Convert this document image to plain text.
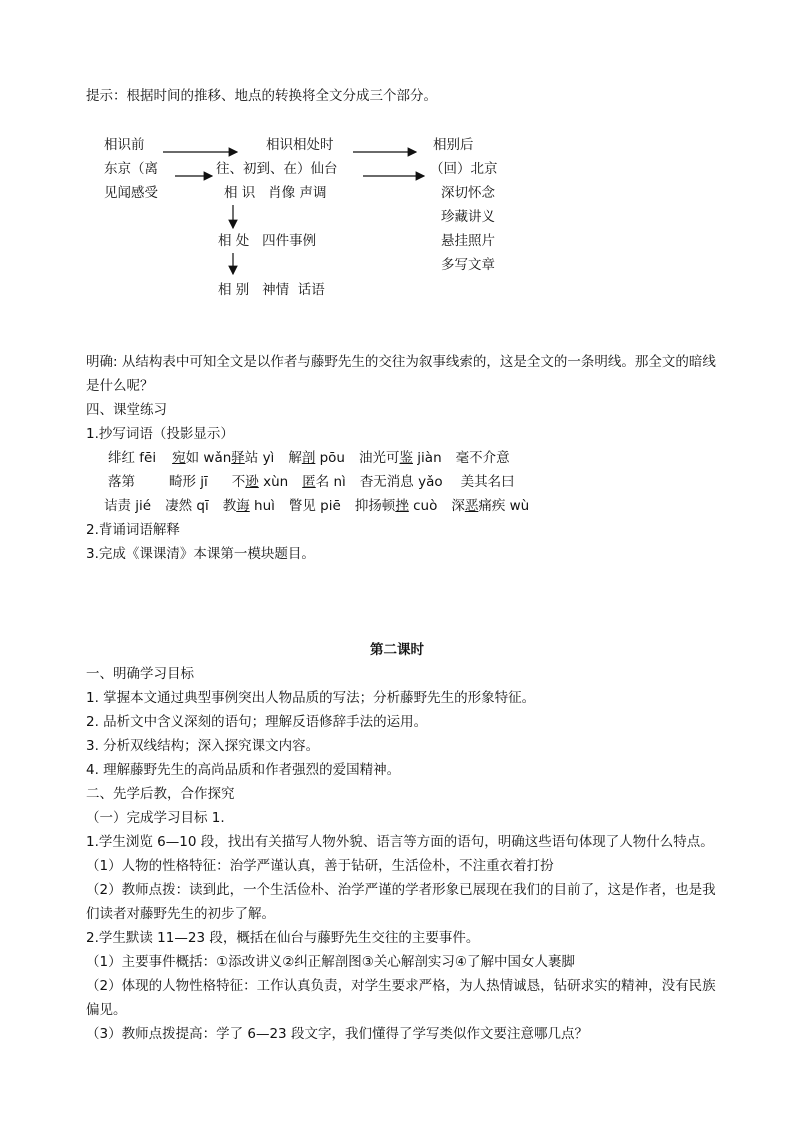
提示：根据时间的推移、地点的转换将全文分成三个部分。
相识前
东京（离
见闻感受
相识相处时
往、初到、在）仙台
相 识   肖像 声调
相 处   四件事例
相 别   神情  话语
相别后
（回）北京
深切怀念
珍藏讲义
悬挂照片
多写文章
明确: 从结构表中可知全文是以作者与藤野先生的交往为叙事线索的，这是全文的一条明线。那全文的暗线
是什么呢？
四、课堂练习
1.抄写词语（投影显示）
绯红 fēi 宛如 wǎn驿站 yì 解剖 pōu 油光可鉴 jiàn 毫不介意
落第	畸形 jī 不逊 xùn 匿名 nì 杳无消息 yǎo 美其名曰
诘责 jié 凄然 qī 教诲 huì 瞥见 piē 抑扬顿挫 cuò 深恶痛疾 wù
2.背诵词语解释
3.完成《课课清》本课第一模块题目。
第二课时
一、明确学习目标
1. 掌握本文通过典型事例突出人物品质的写法；分析藤野先生的形象特征。
2. 品析文中含义深刻的语句；理解反语修辞手法的运用。
3. 分析双线结构；深入探究课文内容。
4. 理解藤野先生的高尚品质和作者强烈的爱国精神。
二、先学后教，合作探究
（一）完成学习目标 1.
1.学生浏览 6—10 段，找出有关描写人物外貌、语言等方面的语句，明确这些语句体现了人物什么特点。
（1）人物的性格特征：治学严谨认真，善于钻研，生活俭朴，不注重衣着打扮
（2）教师点拨：读到此，一个生活俭朴、治学严谨的学者形象已展现在我们的目前了，这是作者，也是我
们读者对藤野先生的初步了解。
2.学生默读 11—23 段，概括在仙台与藤野先生交往的主要事件。
（1）主要事件概括：①添改讲义②纠正解剖图③关心解剖实习④了解中国女人裹脚
（2）体现的人物性格特征：工作认真负责，对学生要求严格，为人热情诚恳，钻研求实的精神，没有民族
偏见。
（3）教师点拨提高：学了 6—23 段文字，我们懂得了学写类似作文要注意哪几点？
